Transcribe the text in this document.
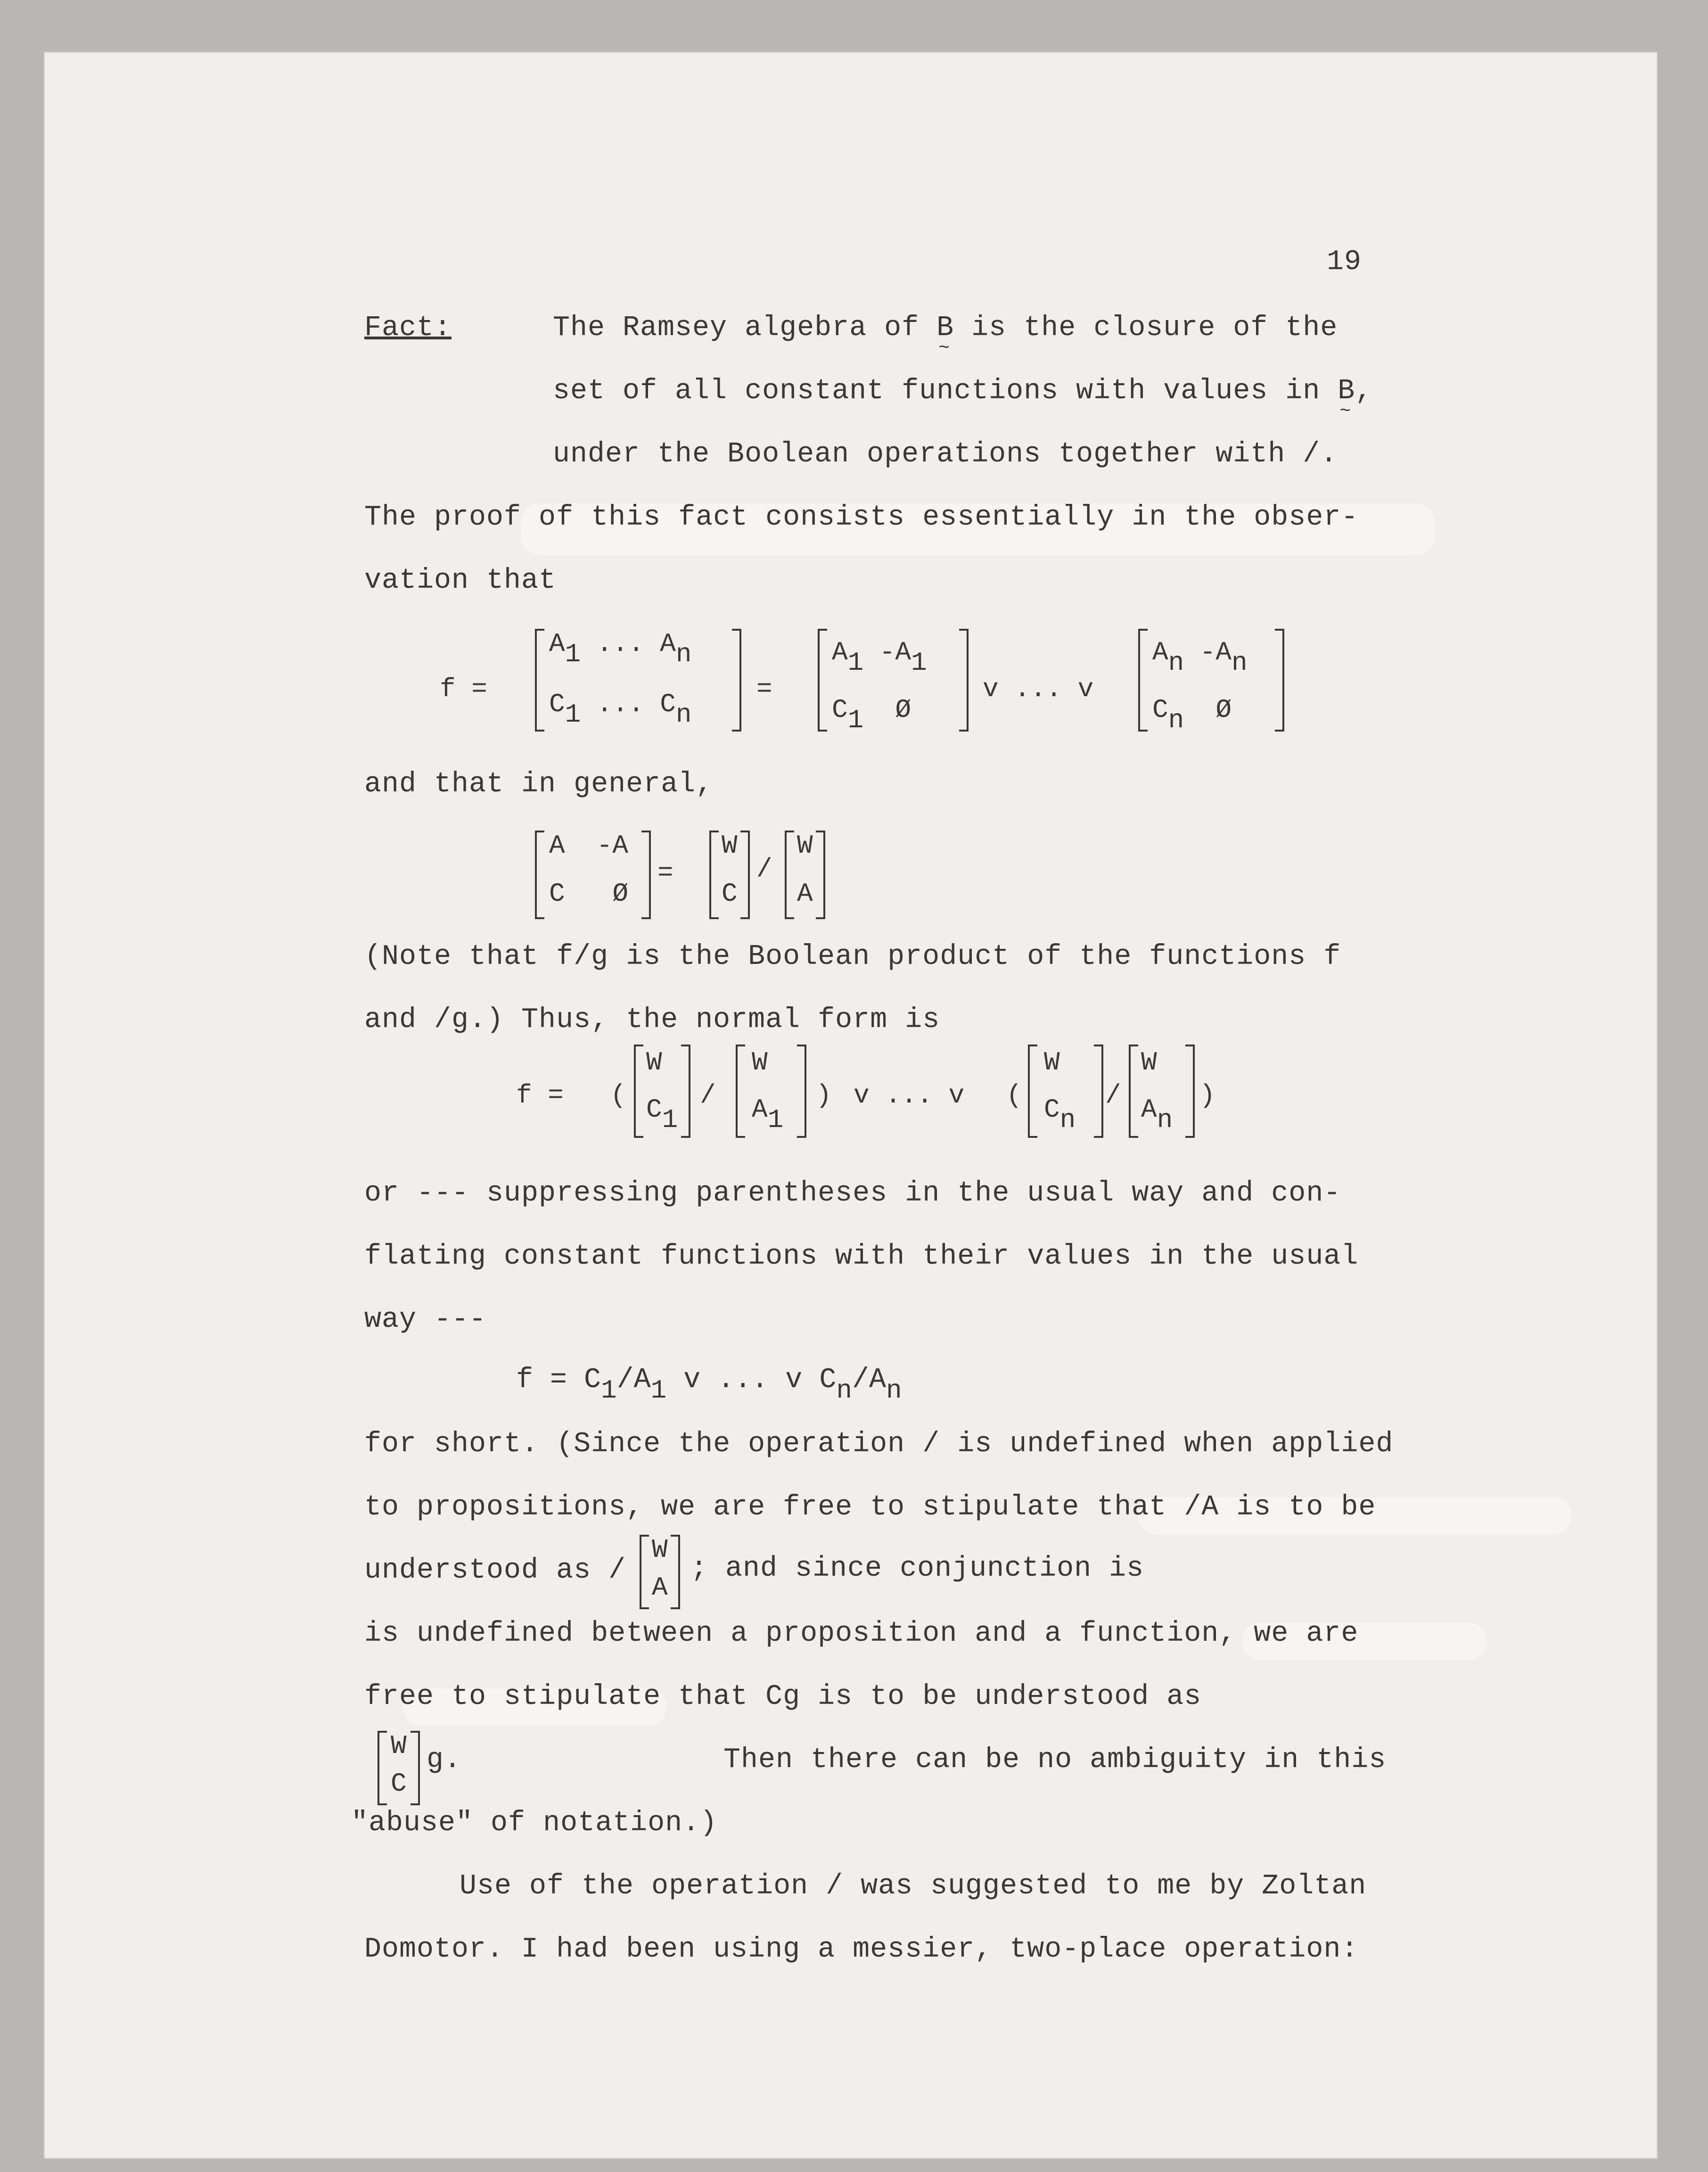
19
Fact:	The Ramsey algebra of B ~ is the closure of the
set of all constant functions with values in B ~,
under the Boolean operations together with /.
The proof of this fact consists essentially in the obser-
vation that
f =
A1 ... An
C1 ... Cn
=
A1 -A1
C1 Ø
v ... v
An -An
Cn Ø
and that in general,
A -A
C Ø
=
W
C
/
W
A
(Note that f/g is the Boolean product of the functions f
and /g.) Thus, the normal form is
f = (
W
C1
/
W
A1
) v ... v (
W
Cn
/
W
An
)
or --- suppressing parentheses in the usual way and con-
flating constant functions with their values in the usual
way ---
f = C1/A1 v ... v Cn/An
for short. (Since the operation / is undefined when applied
to propositions, we are free to stipulate that /A is to be
understood as /
W
A
; and since conjunction is
is undefined between a proposition and a function, we are
free to stipulate that Cg is to be understood as
W
C
g.	Then there can be no ambiguity in this
"abuse" of notation.)
Use of the operation / was suggested to me by Zoltan
Domotor. I had been using a messier, two-place operation:
